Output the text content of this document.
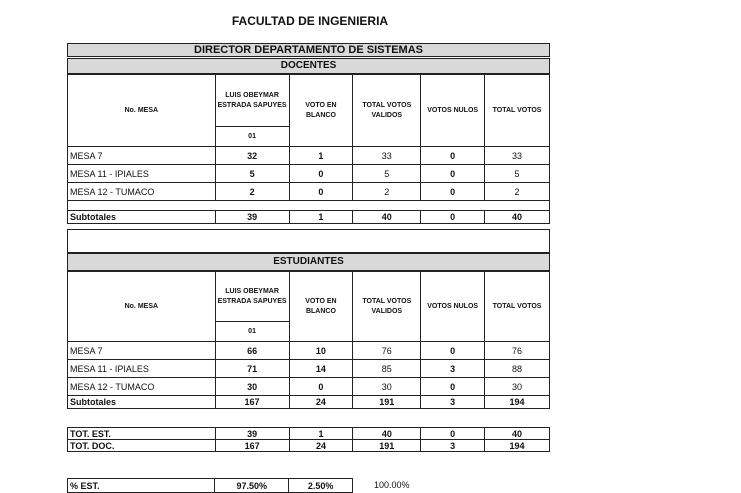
FACULTAD DE INGENIERIA
DIRECTOR DEPARTAMENTO DE SISTEMAS
DOCENTES
No. MESA	LUIS OBEYMAR ESTRADA SAPUYES	VOTO EN BLANCO	TOTAL VOTOS VALIDOS	VOTOS NULOS	TOTAL VOTOS
	01				
MESA 7	32	1	33	0	33
MESA 11 - IPIALES	5	0	5	0	5
MESA 12 - TUMACO	2	0	2	0	2

Subtotales	39	1	40	0	40
ESTUDIANTES
No. MESA	LUIS OBEYMAR ESTRADA SAPUYES	VOTO EN BLANCO	TOTAL VOTOS VALIDOS	VOTOS NULOS	TOTAL VOTOS
	01				
MESA 7	66	10	76	0	76
MESA 11 - IPIALES	71	14	85	3	88
MESA 12 - TUMACO	30	0	30	0	30
Subtotales	167	24	191	3	194
TOT. EST.	39	1	40	0	40
TOT. DOC.	167	24	191	3	194
% EST.	97.50%	2.50%	100.00%
